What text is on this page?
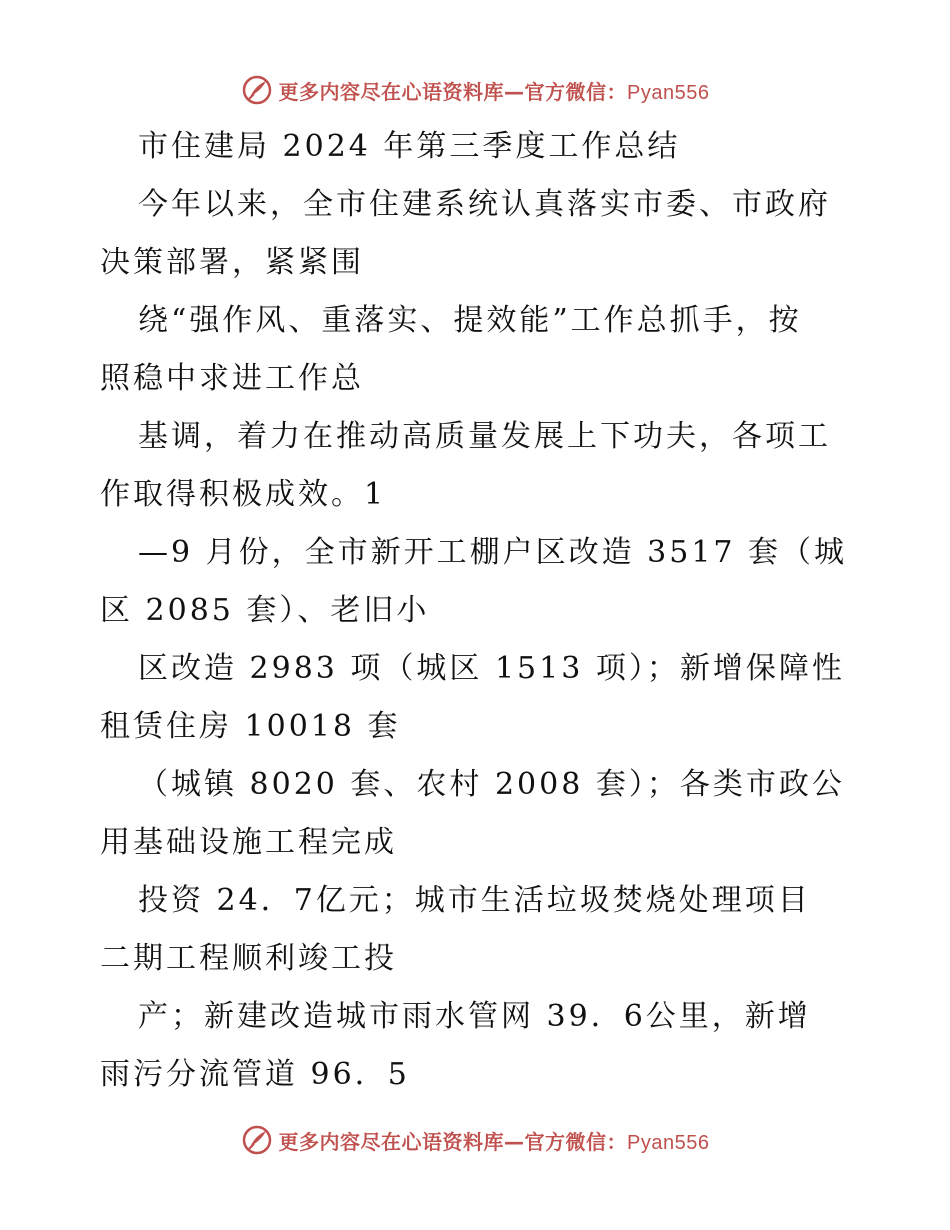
更多内容尽在心语资料库—官方微信：Pyan556
市住建局 2024 年第三季度工作总结
今年以来，全市住建系统认真落实市委、市政府
决策部署，紧紧围
绕“强作风、重落实、提效能”工作总抓手，按
照稳中求进工作总
基调，着力在推动高质量发展上下功夫，各项工
作取得积极成效。1
—9 月份，全市新开工棚户区改造 3517 套（城
区 2085 套）、老旧小
区改造 2983 项（城区 1513 项）；新增保障性
租赁住房 10018 套
（城镇 8020 套、农村 2008 套）；各类市政公
用基础设施工程完成
投资 24．7亿元；城市生活垃圾焚烧处理项目
二期工程顺利竣工投
产；新建改造城市雨水管网 39．6公里，新增
雨污分流管道 96．5
更多内容尽在心语资料库—官方微信：Pyan556
